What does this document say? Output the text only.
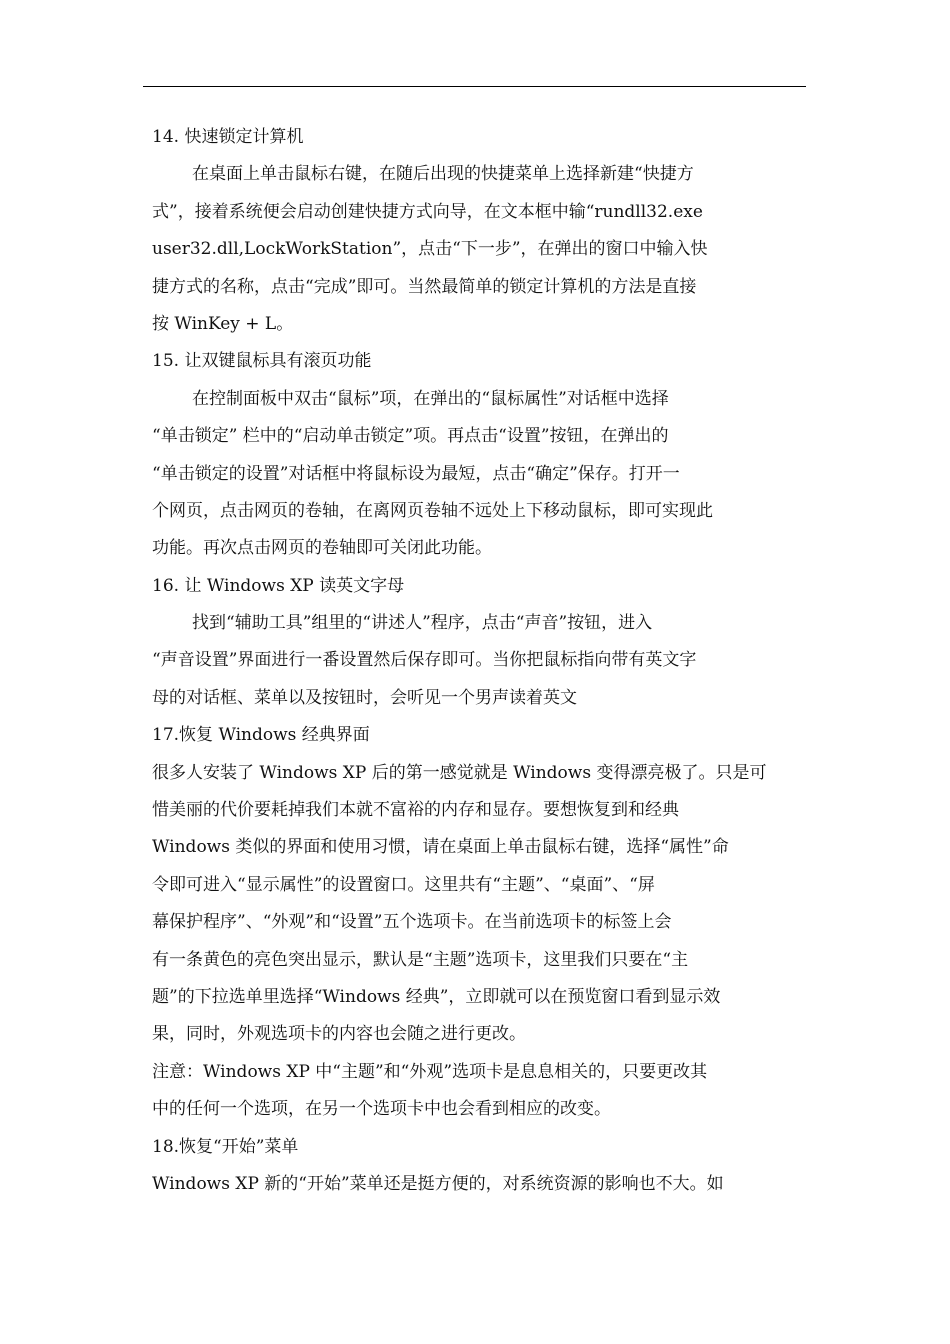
14. 快速锁定计算机
在桌面上单击鼠标右键，在随后出现的快捷菜单上选择新建“快捷方
式”，接着系统便会启动创建快捷方式向导，在文本框中输“rundll32.exe
user32.dll,LockWorkStation”，点击“下一步”，在弹出的窗口中输入快
捷方式的名称，点击“完成”即可。当然最简单的锁定计算机的方法是直接
按 WinKey + L。
15. 让双键鼠标具有滚页功能
在控制面板中双击“鼠标”项，在弹出的“鼠标属性”对话框中选择
“单击锁定” 栏中的“启动单击锁定”项。再点击“设置”按钮，在弹出的
“单击锁定的设置”对话框中将鼠标设为最短，点击“确定”保存。打开一
个网页，点击网页的卷轴，在离网页卷轴不远处上下移动鼠标，即可实现此
功能。再次点击网页的卷轴即可关闭此功能。
16. 让 Windows XP 读英文字母
找到“辅助工具”组里的“讲述人”程序，点击“声音”按钮，进入
“声音设置”界面进行一番设置然后保存即可。当你把鼠标指向带有英文字
母的对话框、菜单以及按钮时，会听见一个男声读着英文
17.恢复 Windows 经典界面
很多人安装了 Windows XP 后的第一感觉就是 Windows 变得漂亮极了。只是可
惜美丽的代价要耗掉我们本就不富裕的内存和显存。要想恢复到和经典
Windows 类似的界面和使用习惯，请在桌面上单击鼠标右键，选择“属性”命
令即可进入“显示属性”的设置窗口。这里共有“主题”、“桌面”、“屏
幕保护程序”、“外观”和“设置”五个选项卡。在当前选项卡的标签上会
有一条黄色的亮色突出显示，默认是“主题”选项卡，这里我们只要在“主
题”的下拉选单里选择“Windows 经典”，立即就可以在预览窗口看到显示效
果，同时，外观选项卡的内容也会随之进行更改。
注意：Windows XP 中“主题”和“外观”选项卡是息息相关的，只要更改其
中的任何一个选项，在另一个选项卡中也会看到相应的改变。
18.恢复“开始”菜单
Windows XP 新的“开始”菜单还是挺方便的，对系统资源的影响也不大。如
